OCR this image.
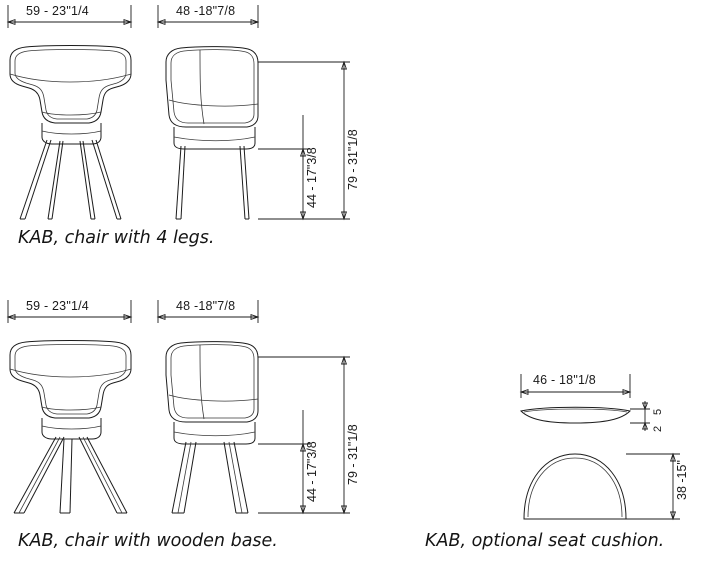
59 - 23"1/4	48 -18"7/8
44 - 17"3/8 79 - 31"1/8
KAB, chair with 4 legs.
59 - 23"1/4	48 -18"7/8
44 - 17"3/8 79 - 31"1/8
KAB, chair with wooden base.
46 - 18"1/8
5
2
38 -15"
KAB, optional seat cushion.
